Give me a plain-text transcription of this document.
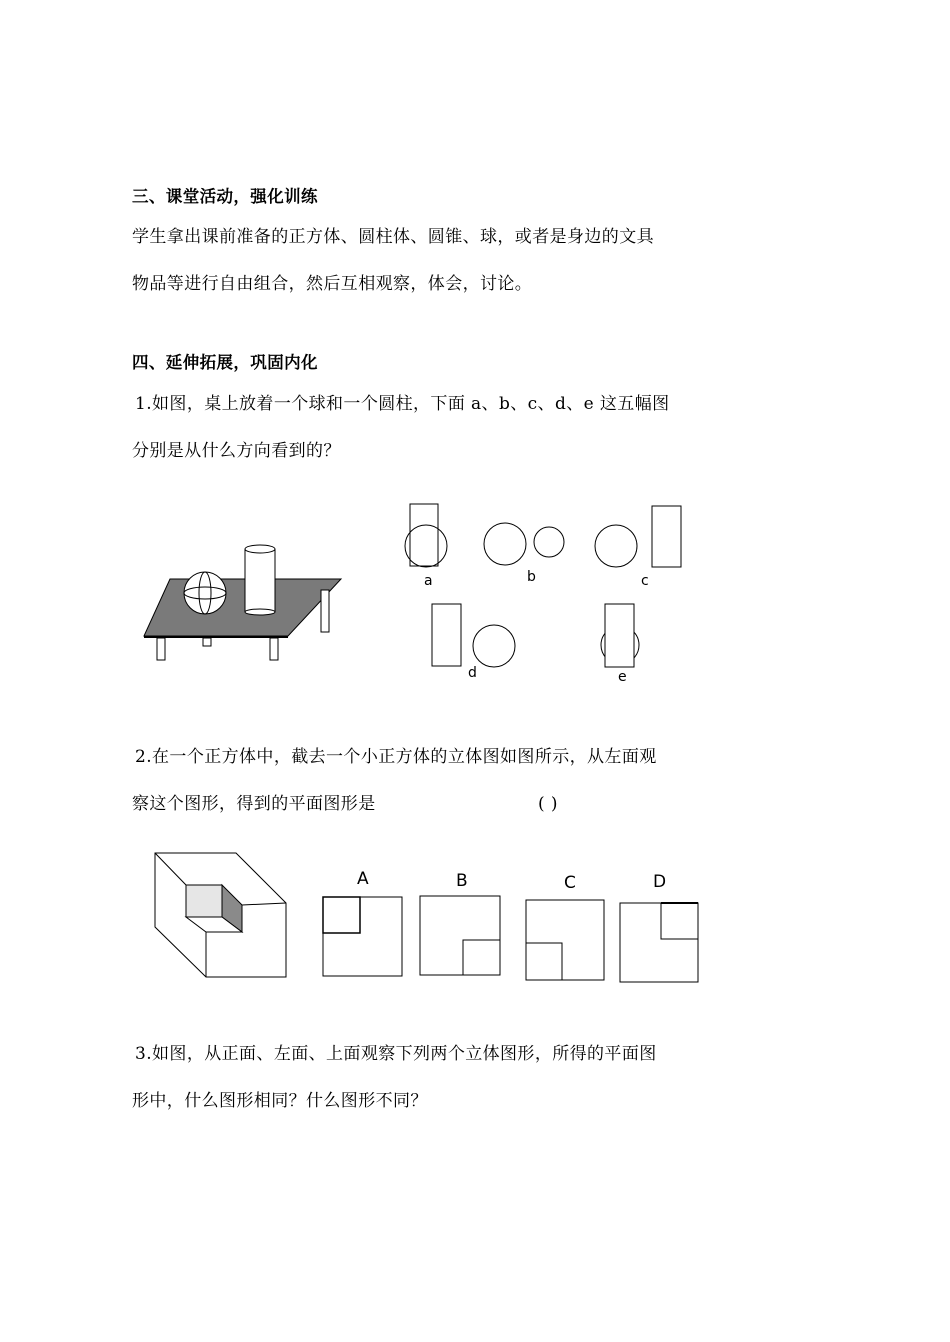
三、课堂活动，强化训练
学生拿出课前准备的正方体、圆柱体、圆锥、球，或者是身边的文具
物品等进行自由组合，然后互相观察，体会，讨论。
四、延伸拓展，巩固内化
1.如图，桌上放着一个球和一个圆柱，下面 a、b、c、d、e 这五幅图
分别是从什么方向看到的？
a	b	c
d	e
2.在一个正方体中，截去一个小正方体的立体图如图所示，从左面观
察这个图形，得到的平面图形是	( )
A	B	C	D
3.如图，从正面、左面、上面观察下列两个立体图形，所得的平面图
形中，什么图形相同？什么图形不同？
